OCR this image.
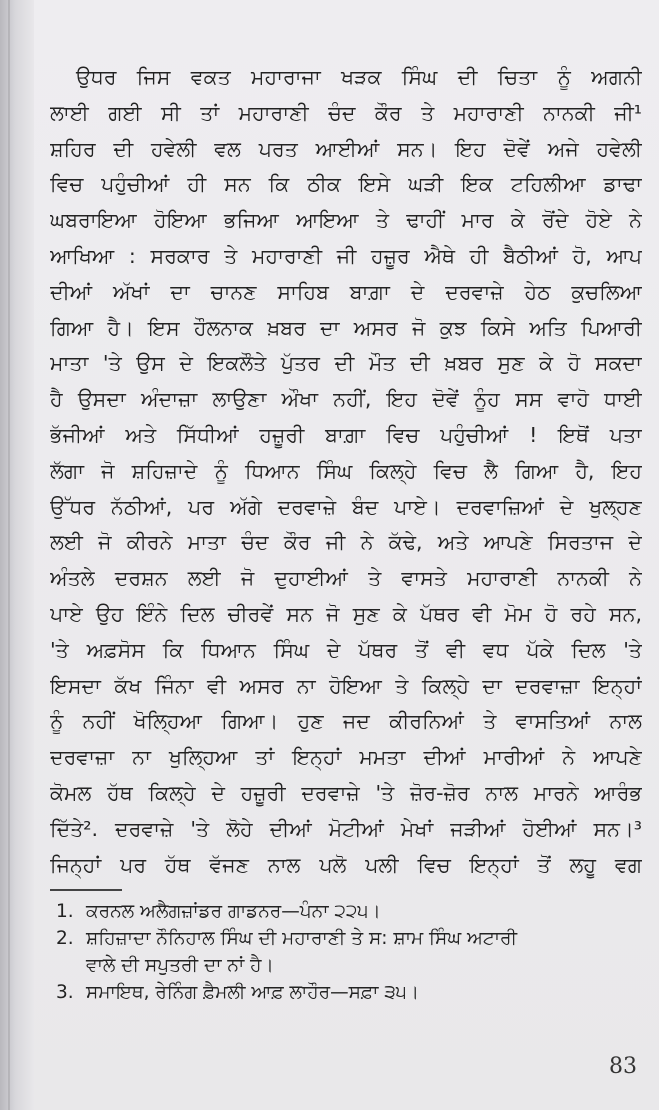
ਉਧਰ ਜਿਸ ਵਕਤ ਮਹਾਰਾਜਾ ਖੜਕ ਸਿੰਘ ਦੀ ਚਿਤਾ ਨੂੰ ਅਗਨੀ
ਲਾਈ ਗਈ ਸੀ ਤਾਂ ਮਹਾਰਾਣੀ ਚੰਦ ਕੌਰ ਤੇ ਮਹਾਰਾਣੀ ਨਾਨਕੀ ਜੀ¹
ਸ਼ਹਿਰ ਦੀ ਹਵੇਲੀ ਵਲ ਪਰਤ ਆਈਆਂ ਸਨ। ਇਹ ਦੋਵੇਂ ਅਜੇ ਹਵੇਲੀ
ਵਿਚ ਪਹੁੰਚੀਆਂ ਹੀ ਸਨ ਕਿ ਠੀਕ ਇਸੇ ਘੜੀ ਇਕ ਟਹਿਲੀਆ ਡਾਢਾ
ਘਬਰਾਇਆ ਹੋਇਆ ਭਜਿਆ ਆਇਆ ਤੇ ਢਾਹੀਂ ਮਾਰ ਕੇ ਰੋਂਦੇ ਹੋਏ ਨੇ
ਆਖਿਆ : ਸਰਕਾਰ ਤੇ ਮਹਾਰਾਣੀ ਜੀ ਹਜ਼ੂਰ ਐਥੇ ਹੀ ਬੈਠੀਆਂ ਹੋ, ਆਪ
ਦੀਆਂ ਅੱਖਾਂ ਦਾ ਚਾਨਣ ਸਾਹਿਬ ਬਾਗ਼ਾ ਦੇ ਦਰਵਾਜ਼ੇ ਹੇਠ ਕੁਚਲਿਆ
ਗਿਆ ਹੈ। ਇਸ ਹੌਲਨਾਕ ਖ਼ਬਰ ਦਾ ਅਸਰ ਜੋ ਕੁਝ ਕਿਸੇ ਅਤਿ ਪਿਆਰੀ
ਮਾਤਾ 'ਤੇ ਉਸ ਦੇ ਇਕਲੌਤੇ ਪੁੱਤਰ ਦੀ ਮੌਤ ਦੀ ਖ਼ਬਰ ਸੁਣ ਕੇ ਹੋ ਸਕਦਾ
ਹੈ ਉਸਦਾ ਅੰਦਾਜ਼ਾ ਲਾਉਣਾ ਔਖਾ ਨਹੀਂ, ਇਹ ਦੋਵੇਂ ਨੂੰਹ ਸਸ ਵਾਹੋ ਧਾਈ
ਭੱਜੀਆਂ ਅਤੇ ਸਿੱਧੀਆਂ ਹਜ਼ੂਰੀ ਬਾਗ਼ਾ ਵਿਚ ਪਹੁੰਚੀਆਂ ! ਇਥੋਂ ਪਤਾ
ਲੱਗਾ ਜੋ ਸ਼ਹਿਜ਼ਾਦੇ ਨੂੰ ਧਿਆਨ ਸਿੰਘ ਕਿਲ੍ਹੇ ਵਿਚ ਲੈ ਗਿਆ ਹੈ, ਇਹ
ਉੱਧਰ ਨੱਠੀਆਂ, ਪਰ ਅੱਗੇ ਦਰਵਾਜ਼ੇ ਬੰਦ ਪਾਏ। ਦਰਵਾਜ਼ਿਆਂ ਦੇ ਖੁਲ੍ਹਣ
ਲਈ ਜੋ ਕੀਰਨੇ ਮਾਤਾ ਚੰਦ ਕੌਰ ਜੀ ਨੇ ਕੱਢੇ, ਅਤੇ ਆਪਣੇ ਸਿਰਤਾਜ ਦੇ
ਅੰਤਲੇ ਦਰਸ਼ਨ ਲਈ ਜੋ ਦੁਹਾਈਆਂ ਤੇ ਵਾਸਤੇ ਮਹਾਰਾਣੀ ਨਾਨਕੀ ਨੇ
ਪਾਏ ਉਹ ਇੰਨੇ ਦਿਲ ਚੀਰਵੇਂ ਸਨ ਜੋ ਸੁਣ ਕੇ ਪੱਥਰ ਵੀ ਮੋਮ ਹੋ ਰਹੇ ਸਨ,
'ਤੇ ਅਫ਼ਸੋਸ ਕਿ ਧਿਆਨ ਸਿੰਘ ਦੇ ਪੱਥਰ ਤੋਂ ਵੀ ਵਧ ਪੱਕੇ ਦਿਲ 'ਤੇ
ਇਸਦਾ ਕੱਖ ਜਿੰਨਾ ਵੀ ਅਸਰ ਨਾ ਹੋਇਆ ਤੇ ਕਿਲ੍ਹੇ ਦਾ ਦਰਵਾਜ਼ਾ ਇਨ੍ਹਾਂ
ਨੂੰ ਨਹੀਂ ਖੋਲ੍ਹਿਆ ਗਿਆ। ਹੁਣ ਜਦ ਕੀਰਨਿਆਂ ਤੇ ਵਾਸਤਿਆਂ ਨਾਲ
ਦਰਵਾਜ਼ਾ ਨਾ ਖੁਲ੍ਹਿਆ ਤਾਂ ਇਨ੍ਹਾਂ ਮਮਤਾ ਦੀਆਂ ਮਾਰੀਆਂ ਨੇ ਆਪਣੇ
ਕੋਮਲ ਹੱਥ ਕਿਲ੍ਹੇ ਦੇ ਹਜ਼ੂਰੀ ਦਰਵਾਜ਼ੇ 'ਤੇ ਜ਼ੋਰ-ਜ਼ੋਰ ਨਾਲ ਮਾਰਨੇ ਆਰੰਭ
ਦਿੱਤੇ². ਦਰਵਾਜ਼ੇ 'ਤੇ ਲੋਹੇ ਦੀਆਂ ਮੋਟੀਆਂ ਮੇਖਾਂ ਜੜੀਆਂ ਹੋਈਆਂ ਸਨ।³
ਜਿਨ੍ਹਾਂ ਪਰ ਹੱਥ ਵੱਜਣ ਨਾਲ ਪਲੋ ਪਲੀ ਵਿਚ ਇਨ੍ਹਾਂ ਤੋਂ ਲਹੂ ਵਗ
1. ਕਰਨਲ ਅਲੈਗਜ਼ਾਂਡਰ ਗਾਡਨਰ—ਪੰਨਾ ੨੨੫।
2. ਸ਼ਹਿਜ਼ਾਦਾ ਨੌਨਿਹਾਲ ਸਿੰਘ ਦੀ ਮਹਾਰਾਣੀ ਤੇ ਸ: ਸ਼ਾਮ ਸਿੰਘ ਅਟਾਰੀ
ਵਾਲੇ ਦੀ ਸਪੁਤਰੀ ਦਾ ਨਾਂ ਹੈ।
3. ਸਮਾਇਥ, ਰੇਨਿੰਗ ਫ਼ੈਮਲੀ ਆਫ਼ ਲਾਹੌਰ—ਸਫ਼ਾ ੩੫।
83
